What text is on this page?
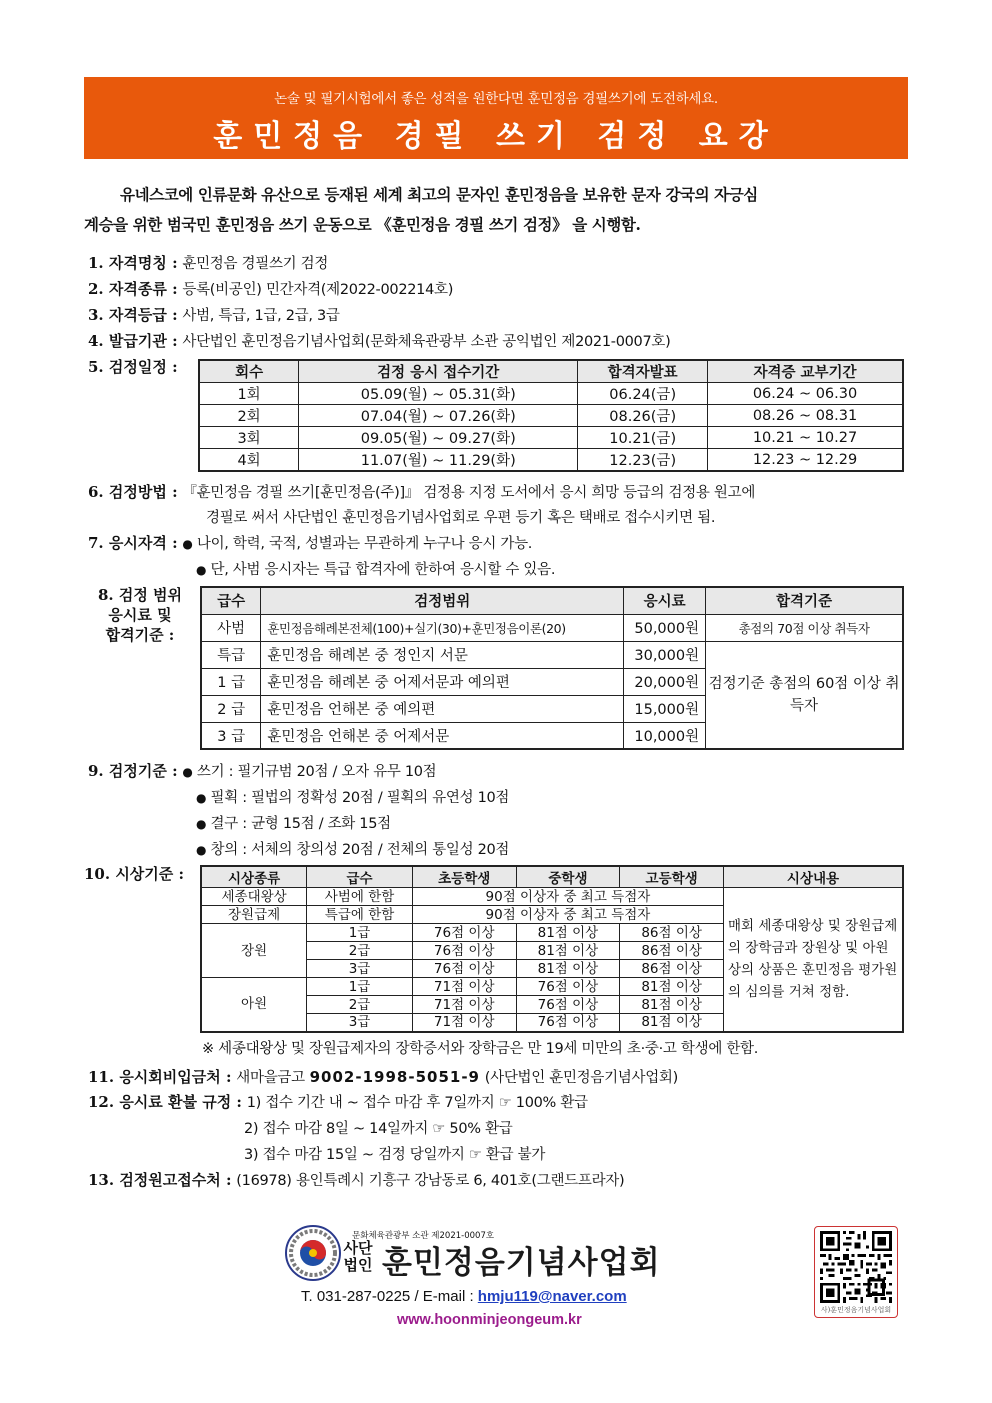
논술 및 필기시험에서 좋은 성적을 원한다면 훈민정음 경필쓰기에 도전하세요.
훈민정음 경필 쓰기 검정 요강
유네스코에 인류문화 유산으로 등재된 세계 최고의 문자인 훈민정음을 보유한 문자 강국의 자긍심
계승을 위한 범국민 훈민정음 쓰기 운동으로 《훈민정음 경필 쓰기 검정》 을 시행함.
1. 자격명칭 : 훈민정음 경필쓰기 검정
2. 자격종류 : 등록(비공인) 민간자격(제2022-002214호)
3. 자격등급 : 사범, 특급, 1급, 2급, 3급
4. 발급기관 : 사단법인 훈민정음기념사업회(문화체육관광부 소관 공익법인 제2021-0007호)
5. 검정일정 :	회수	검정 응시 접수기간	합격자발표	자격증 교부기간
1회	05.09(월) ~ 05.31(화)	06.24(금)	06.24 ~ 06.30
2회	07.04(월) ~ 07.26(화)	08.26(금)	08.26 ~ 08.31
3회	09.05(월) ~ 09.27(화)	10.21(금)	10.21 ~ 10.27
4회	11.07(월) ~ 11.29(화)	12.23(금)	12.23 ~ 12.29
6. 검정방법 : 『훈민정음 경필 쓰기[훈민정음(주)]』 검정용 지정 도서에서 응시 희망 등급의 검정용 원고에
경필로 써서 사단법인 훈민정음기념사업회로 우편 등기 혹은 택배로 접수시키면 됨.
7. 응시자격 : ● 나이, 학력, 국적, 성별과는 무관하게 누구나 응시 가능.
● 단, 사범 응시자는 특급 합격자에 한하여 응시할 수 있음.
8. 검정 범위
응시료 및
합격기준 :
급수	검정범위	응시료	합격기준
사범	훈민정음해례본전체(100)+실기(30)+훈민정음이론(20)	50,000원	총점의 70점 이상 취득자
특급	훈민정음 해례본 중 정인지 서문	30,000원	검정기준 총점의 60점 이상 취득자
1 급	훈민정음 해례본 중 어제서문과 예의편	20,000원	
2 급	훈민정음 언해본 중 예의편	15,000원	
3 급	훈민정음 언해본 중 어제서문	10,000원	
9. 검정기준 : ● 쓰기 : 필기규범 20점 / 오자 유무 10점
● 필획 : 필법의 정확성 20점 / 필획의 유연성 10점
● 결구 : 균형 15점 / 조화 15점
● 창의 : 서체의 창의성 20점 / 전체의 통일성 20점
10. 시상기준 :	시상종류	급수	초등학생	중학생	고등학생	시상내용
세종대왕상	사범에 한함	90점 이상자 중 최고 득점자			매회 세종대왕상 및 장원급제의 장학금과 장원상 및 아원상의 상품은 훈민정음 평가원의 심의를 거쳐 정함.
장원급제	특급에 한함	90점 이상자 중 최고 득점자			
장원	1급	76점 이상	81점 이상	86점 이상	
	2급	76점 이상	81점 이상	86점 이상	
	3급	76점 이상	81점 이상	86점 이상	
아원	1급	71점 이상	76점 이상	81점 이상	
	2급	71점 이상	76점 이상	81점 이상	
	3급	71점 이상	76점 이상	81점 이상	
※ 세종대왕상 및 장원급제자의 장학증서와 장학금은 만 19세 미만의 초·중·고 학생에 한함.
11. 응시회비입금처 : 새마을금고 9002-1998-5051-9 (사단법인 훈민정음기념사업회)
12. 응시료 환불 규정 : 1) 접수 기간 내 ~ 접수 마감 후 7일까지 ☞ 100% 환급
2) 접수 마감 8일 ~ 14일까지 ☞ 50% 환급
3) 접수 마감 15일 ~ 검정 당일까지 ☞ 환급 불가
13. 검정원고접수처 : (16978) 용인특례시 기흥구 강남동로 6, 401호(그랜드프라자)
문화체육관광부 소관 제2021-0007호
사단
법인 훈민정음기념사업회
T. 031-287-0225 / E-mail : hmju119@naver.com
www.hoonminjeongeum.kr
사)훈민정음기념사업회
